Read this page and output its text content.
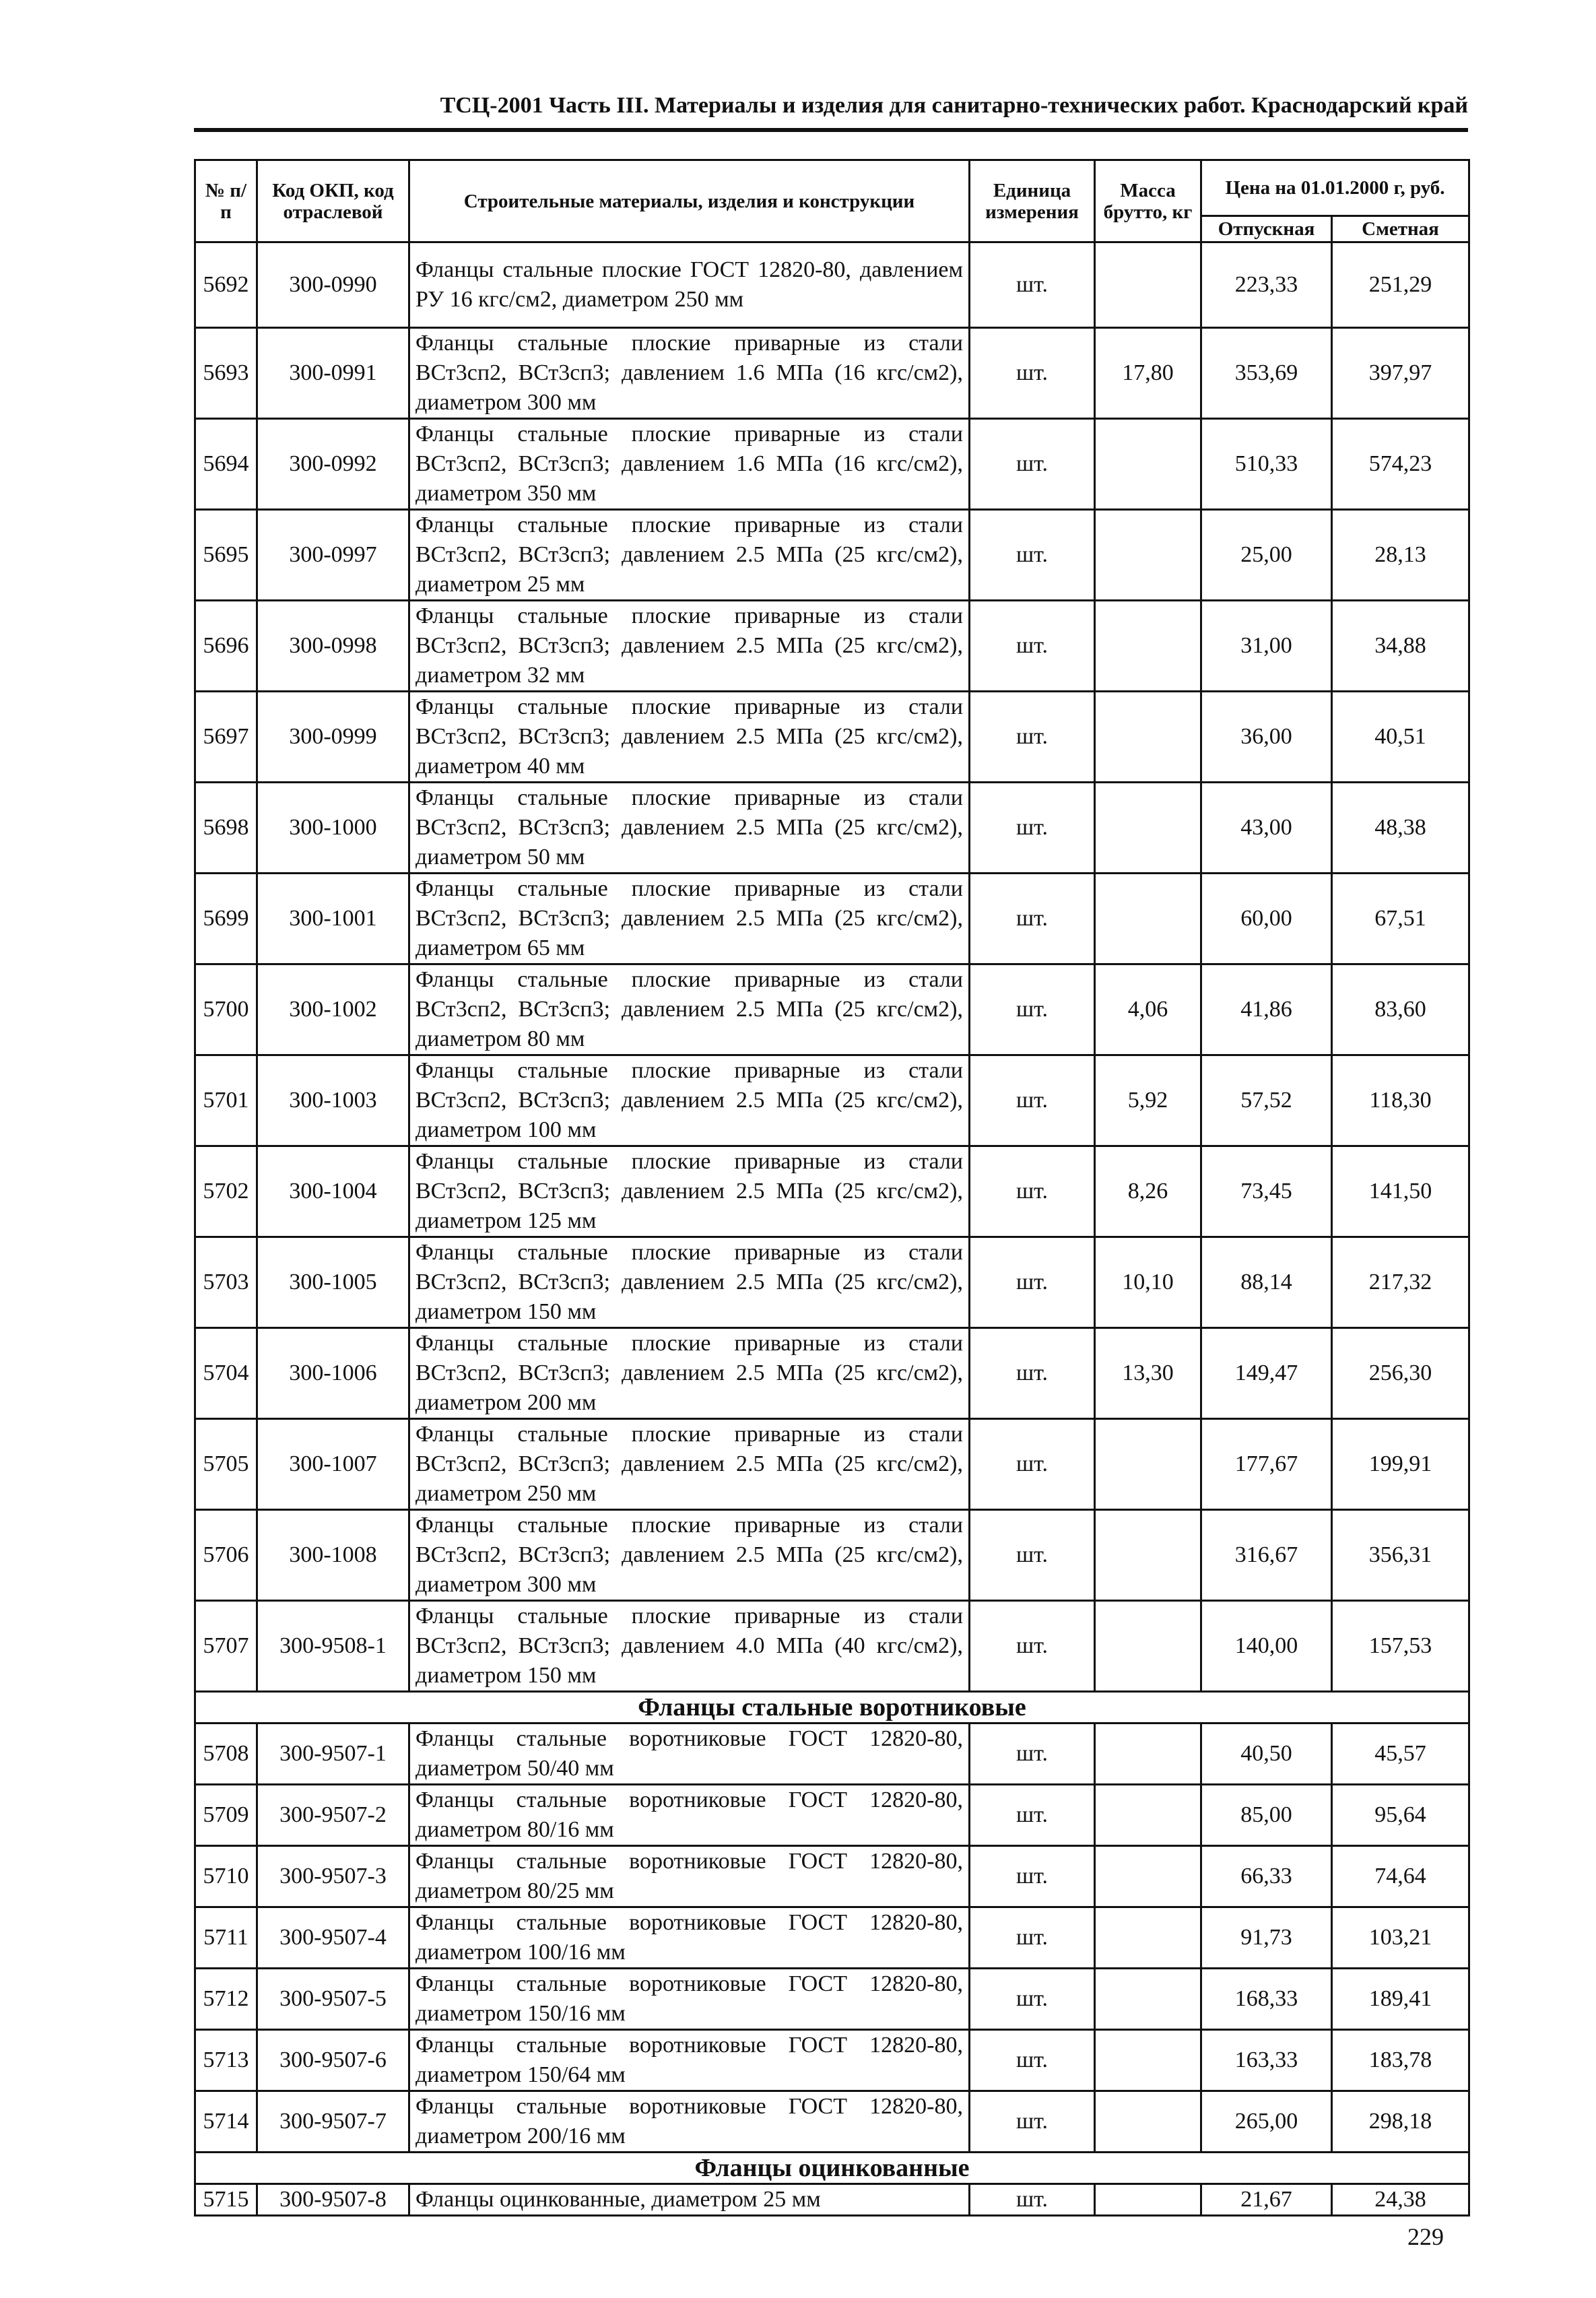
ТСЦ-2001 Часть III. Материалы и изделия для санитарно-технических работ. Краснодарский край
№ п/п	Код ОКП, код отраслевой	Строительные материалы, изделия и конструкции	Единица измерения	Масса брутто, кг	Цена на 01.01.2000 г, руб.	
					Отпускная	Сметная
5692	300-0990	Фланцы стальные плоские ГОСТ 12820-80, давлением РУ 16 кгс/см2, диаметром 250 мм	шт.		223,33	251,29
5693	300-0991	Фланцы стальные плоские приварные из стали ВСт3сп2, ВСт3сп3; давлением 1.6 МПа (16 кгс/см2), диаметром 300 мм	шт.	17,80	353,69	397,97
5694	300-0992	Фланцы стальные плоские приварные из стали ВСт3сп2, ВСт3сп3; давлением 1.6 МПа (16 кгс/см2), диаметром 350 мм	шт.		510,33	574,23
5695	300-0997	Фланцы стальные плоские приварные из стали ВСт3сп2, ВСт3сп3; давлением 2.5 МПа (25 кгс/см2), диаметром 25 мм	шт.		25,00	28,13
5696	300-0998	Фланцы стальные плоские приварные из стали ВСт3сп2, ВСт3сп3; давлением 2.5 МПа (25 кгс/см2), диаметром 32 мм	шт.		31,00	34,88
5697	300-0999	Фланцы стальные плоские приварные из стали ВСт3сп2, ВСт3сп3; давлением 2.5 МПа (25 кгс/см2), диаметром 40 мм	шт.		36,00	40,51
5698	300-1000	Фланцы стальные плоские приварные из стали ВСт3сп2, ВСт3сп3; давлением 2.5 МПа (25 кгс/см2), диаметром 50 мм	шт.		43,00	48,38
5699	300-1001	Фланцы стальные плоские приварные из стали ВСт3сп2, ВСт3сп3; давлением 2.5 МПа (25 кгс/см2), диаметром 65 мм	шт.		60,00	67,51
5700	300-1002	Фланцы стальные плоские приварные из стали ВСт3сп2, ВСт3сп3; давлением 2.5 МПа (25 кгс/см2), диаметром 80 мм	шт.	4,06	41,86	83,60
5701	300-1003	Фланцы стальные плоские приварные из стали ВСт3сп2, ВСт3сп3; давлением 2.5 МПа (25 кгс/см2), диаметром 100 мм	шт.	5,92	57,52	118,30
5702	300-1004	Фланцы стальные плоские приварные из стали ВСт3сп2, ВСт3сп3; давлением 2.5 МПа (25 кгс/см2), диаметром 125 мм	шт.	8,26	73,45	141,50
5703	300-1005	Фланцы стальные плоские приварные из стали ВСт3сп2, ВСт3сп3; давлением 2.5 МПа (25 кгс/см2), диаметром 150 мм	шт.	10,10	88,14	217,32
5704	300-1006	Фланцы стальные плоские приварные из стали ВСт3сп2, ВСт3сп3; давлением 2.5 МПа (25 кгс/см2), диаметром 200 мм	шт.	13,30	149,47	256,30
5705	300-1007	Фланцы стальные плоские приварные из стали ВСт3сп2, ВСт3сп3; давлением 2.5 МПа (25 кгс/см2), диаметром 250 мм	шт.		177,67	199,91
5706	300-1008	Фланцы стальные плоские приварные из стали ВСт3сп2, ВСт3сп3; давлением 2.5 МПа (25 кгс/см2), диаметром 300 мм	шт.		316,67	356,31
5707	300-9508-1	Фланцы стальные плоские приварные из стали ВСт3сп2, ВСт3сп3; давлением 4.0 МПа (40 кгс/см2), диаметром 150 мм	шт.		140,00	157,53
Фланцы стальные воротниковые						
5708	300-9507-1	Фланцы стальные воротниковые ГОСТ 12820-80, диаметром 50/40 мм	шт.		40,50	45,57
5709	300-9507-2	Фланцы стальные воротниковые ГОСТ 12820-80, диаметром 80/16 мм	шт.		85,00	95,64
5710	300-9507-3	Фланцы стальные воротниковые ГОСТ 12820-80, диаметром 80/25 мм	шт.		66,33	74,64
5711	300-9507-4	Фланцы стальные воротниковые ГОСТ 12820-80, диаметром 100/16 мм	шт.		91,73	103,21
5712	300-9507-5	Фланцы стальные воротниковые ГОСТ 12820-80, диаметром 150/16 мм	шт.		168,33	189,41
5713	300-9507-6	Фланцы стальные воротниковые ГОСТ 12820-80, диаметром 150/64 мм	шт.		163,33	183,78
5714	300-9507-7	Фланцы стальные воротниковые ГОСТ 12820-80, диаметром 200/16 мм	шт.		265,00	298,18
Фланцы оцинкованные						
5715	300-9507-8	Фланцы оцинкованные, диаметром 25 мм	шт.		21,67	24,38
229
